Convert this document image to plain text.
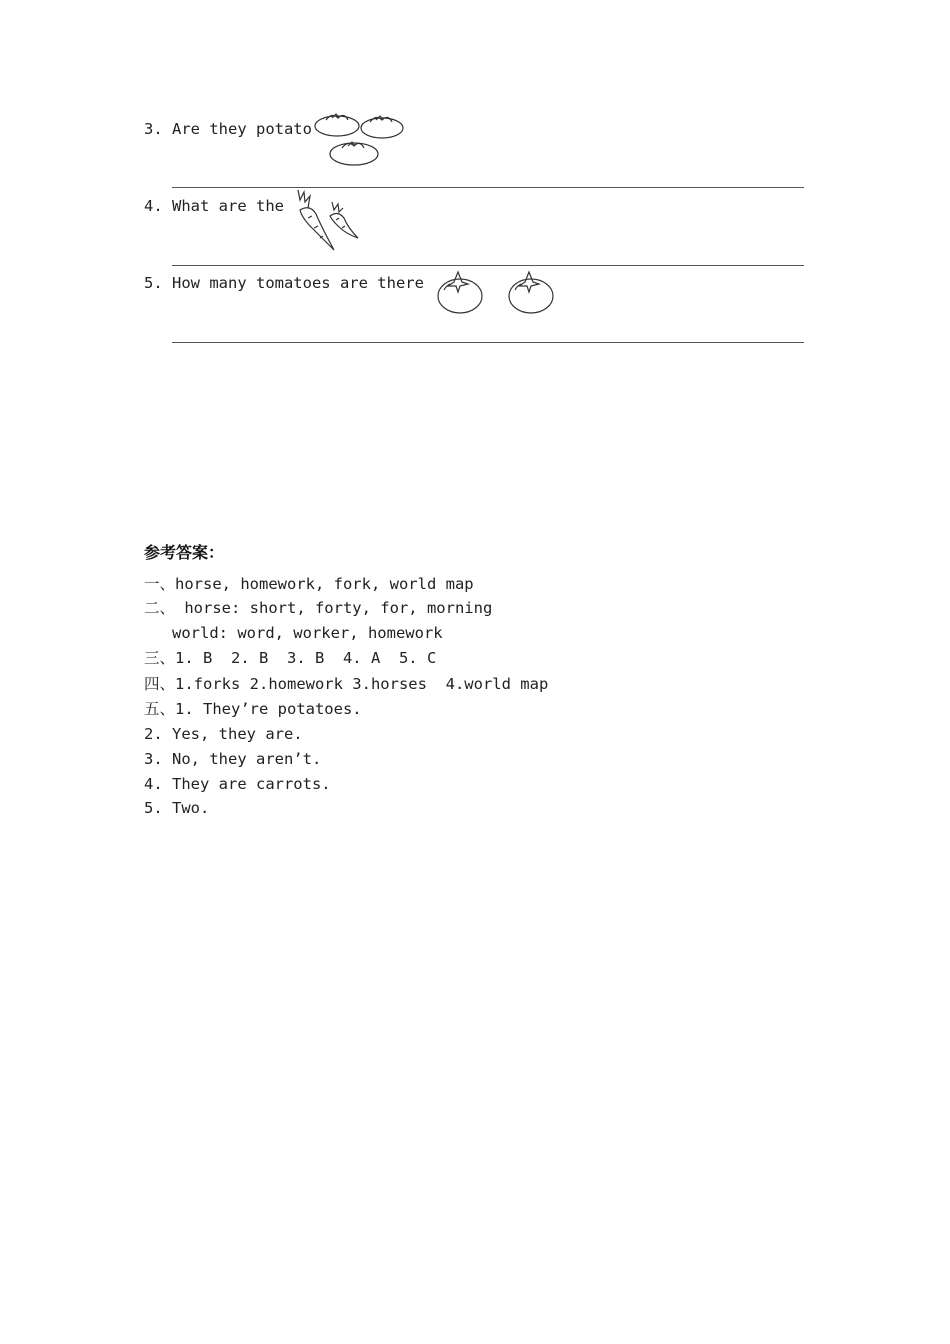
3. Are they potato
4. What are the
5. How many tomatoes are there
参考答案：
一、horse, homework, fork, world map
二、 horse: short, forty, for, morning
world: word, worker, homework
三、1. B  2. B  3. B  4. A  5. C
四、1.forks 2.homework 3.horses  4.world map
五、1. They’re potatoes.
2. Yes, they are.
3. No, they aren’t.
4. They are carrots.
5. Two.
